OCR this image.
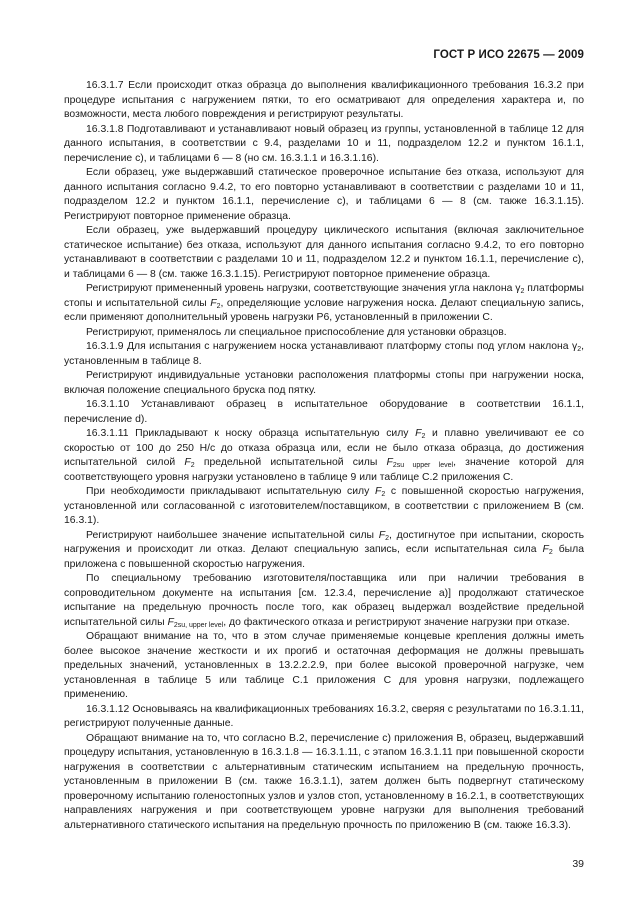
ГОСТ Р ИСО 22675 — 2009

16.3.1.7 Если происходит отказ образца до выполнения квалификационного требования 16.3.2 при процедуре испытания с нагружением пятки, то его осматривают для определения характера и, по возможности, места любого повреждения и регистрируют результаты.

16.3.1.8 Подготавливают и устанавливают новый образец из группы, установленной в таблице 12 для данного испытания, в соответствии с 9.4, разделами 10 и 11, подразделом 12.2 и пунктом 16.1.1, перечисление с), и таблицами 6 — 8 (но см. 16.3.1.1 и 16.3.1.16).

Если образец, уже выдержавший статическое проверочное испытание без отказа, используют для данного испытания согласно 9.4.2, то его повторно устанавливают в соответствии с разделами 10 и 11, подразделом 12.2 и пунктом 16.1.1, перечисление с), и таблицами 6 — 8 (см. также 16.3.1.15). Регистрируют повторное применение образца.

Если образец, уже выдержавший процедуру циклического испытания (включая заключительное статическое испытание) без отказа, используют для данного испытания согласно 9.4.2, то его повторно устанавливают в соответствии с разделами 10 и 11, подразделом 12.2 и пунктом 16.1.1, перечисление с), и таблицами 6 — 8 (см. также 16.3.1.15). Регистрируют повторное применение образца.

Регистрируют примененный уровень нагрузки, соответствующие значения угла наклона $\gamma_2$ платформы стопы и испытательной силы $F_2$, определяющие условие нагружения носка. Делают специальную запись, если применяют дополнительный уровень нагрузки Р6, установленный в приложении С.

Регистрируют, применялось ли специальное приспособление для установки образцов.

16.3.1.9 Для испытания с нагружением носка устанавливают платформу стопы под углом наклона $\gamma_2$, установленным в таблице 8.

Регистрируют индивидуальные установки расположения платформы стопы при нагружении носка, включая положение специального бруска под пятку.

16.3.1.10 Устанавливают образец в испытательное оборудование в соответствии 16.1.1, перечисление d).

16.3.1.11 Прикладывают к носку образца испытательную силу $F_2$ и плавно увеличивают ее со скоростью от 100 до 250 Н/с до отказа образца или, если не было отказа образца, до достижения испытательной силой $F_2$ предельной испытательной силы $F_{2su upper level}$, значение которой для соответствующего уровня нагрузки установлено в таблице 9 или таблице С.2 приложения С.

При необходимости прикладывают испытательную силу $F_2$ с повышенной скоростью нагружения, установленной или согласованной с изготовителем/поставщиком, в соответствии с приложением В (см. 16.3.1).

Регистрируют наибольшее значение испытательной силы $F_2$, достигнутое при испытании, скорость нагружения и происходит ли отказ. Делают специальную запись, если испытательная сила $F_2$ была приложена с повышенной скоростью нагружения.

По специальному требованию изготовителя/поставщика или при наличии требования в сопроводительном документе на испытания [см. 12.3.4, перечисление а)] продолжают статическое испытание на предельную прочность после того, как образец выдержал воздействие предельной испытательной силы $F_{2su, upper level}$, до фактического отказа и регистрируют значение нагрузки при отказе.

Обращают внимание на то, что в этом случае применяемые концевые крепления должны иметь более высокое значение жесткости и их прогиб и остаточная деформация не должны превышать предельных значений, установленных в 13.2.2.2.9, при более высокой проверочной нагрузке, чем установленная в таблице 5 или таблице С.1 приложения С для уровня нагрузки, подлежащего применению.

16.3.1.12 Основываясь на квалификационных требованиях 16.3.2, сверяя с результатами по 16.3.1.11, регистрируют полученные данные.

Обращают внимание на то, что согласно В.2, перечисление с) приложения В, образец, выдержавший процедуру испытания, установленную в 16.3.1.8 — 16.3.1.11, с этапом 16.3.1.11 при повышенной скорости нагружения в соответствии с альтернативным статическим испытанием на предельную прочность, установленным в приложении В (см. также 16.3.1.1), затем должен быть подвергнут статическому проверочному испытанию голеностопных узлов и узлов стоп, установленному в 16.2.1, в соответствующих направлениях нагружения и при соответствующем уровне нагрузки для выполнения требований альтернативного статического испытания на предельную прочность по приложению В (см. также 16.3.3).

39
